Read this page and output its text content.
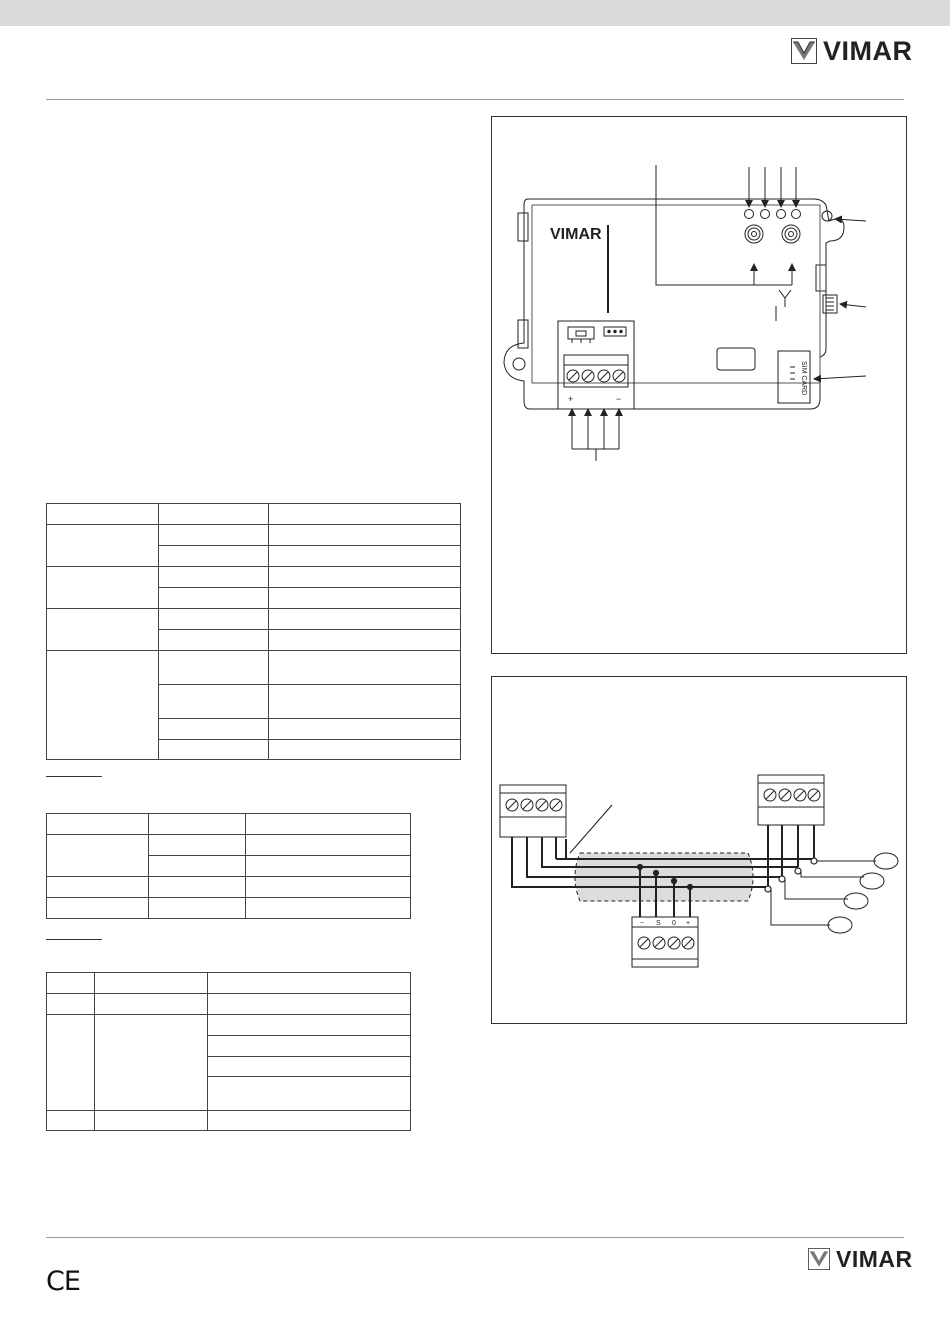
VIMAR

VIMAR
SIM CARD
+	−
− S 0 +
CE
VIMAR
